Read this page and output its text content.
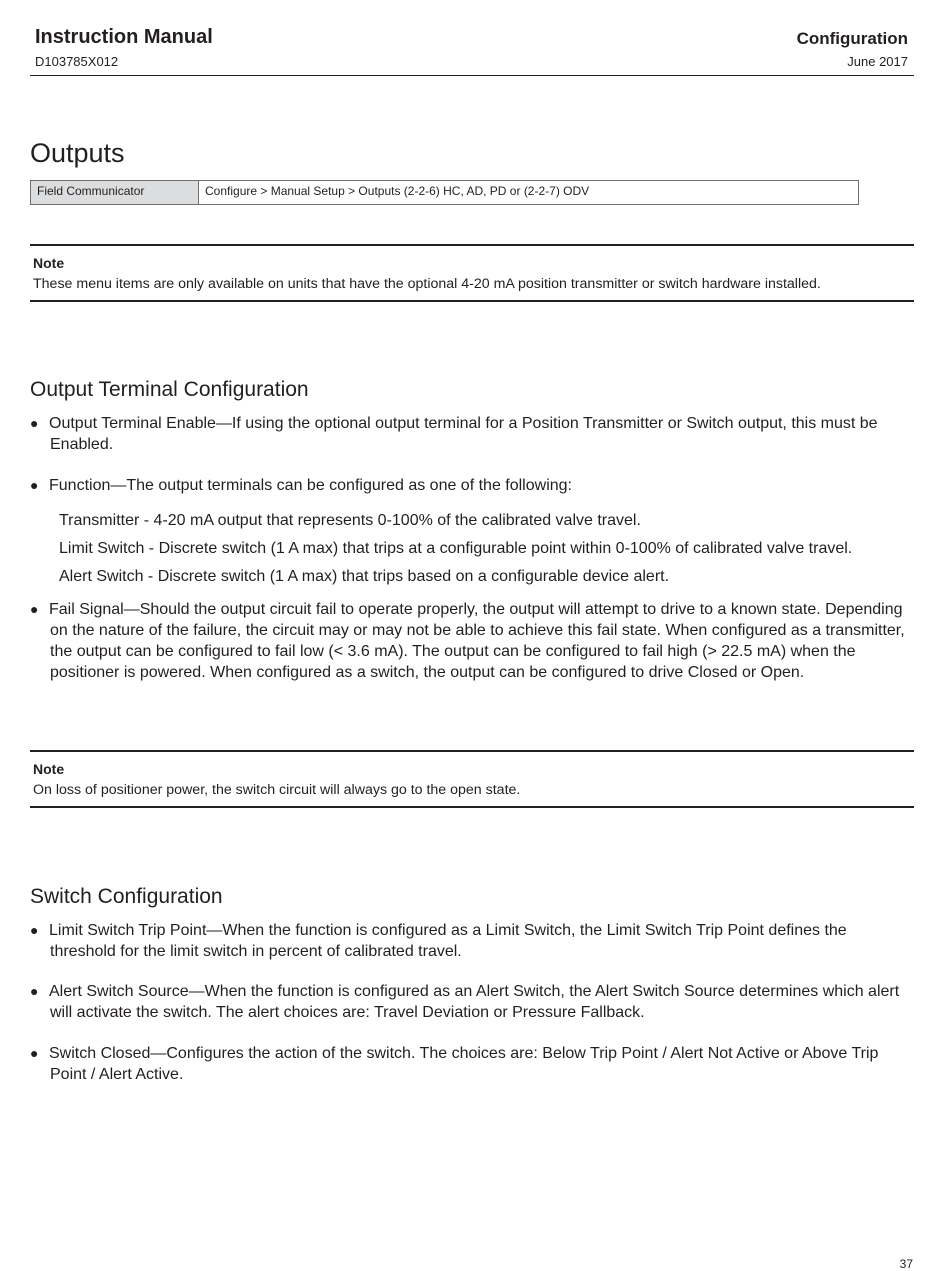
Instruction Manual
D103785X012
Configuration
June 2017
Outputs
Field Communicator	Configure > Manual Setup > Outputs (2-2-6) HC, AD, PD or (2-2-7) ODV
Note
These menu items are only available on units that have the optional 4-20 mA position transmitter or switch hardware installed.
Output Terminal Configuration
● Output Terminal Enable—If using the optional output terminal for a Position Transmitter or Switch output, this must be Enabled.
● Function—The output terminals can be configured as one of the following:
Transmitter - 4-20 mA output that represents 0-100% of the calibrated valve travel.
Limit Switch - Discrete switch (1 A max) that trips at a configurable point within 0-100% of calibrated valve travel.
Alert Switch - Discrete switch (1 A max) that trips based on a configurable device alert.
● Fail Signal—Should the output circuit fail to operate properly, the output will attempt to drive to a known state. Depending on the nature of the failure, the circuit may or may not be able to achieve this fail state. When configured as a transmitter, the output can be configured to fail low (< 3.6 mA). The output can be configured to fail high (> 22.5 mA) when the positioner is powered. When configured as a switch, the output can be configured to drive Closed or Open.
Note
On loss of positioner power, the switch circuit will always go to the open state.
Switch Configuration
● Limit Switch Trip Point—When the function is configured as a Limit Switch, the Limit Switch Trip Point defines the threshold for the limit switch in percent of calibrated travel.
● Alert Switch Source—When the function is configured as an Alert Switch, the Alert Switch Source determines which alert will activate the switch. The alert choices are: Travel Deviation or Pressure Fallback.
● Switch Closed—Configures the action of the switch. The choices are: Below Trip Point / Alert Not Active or Above Trip Point / Alert Active.
37
